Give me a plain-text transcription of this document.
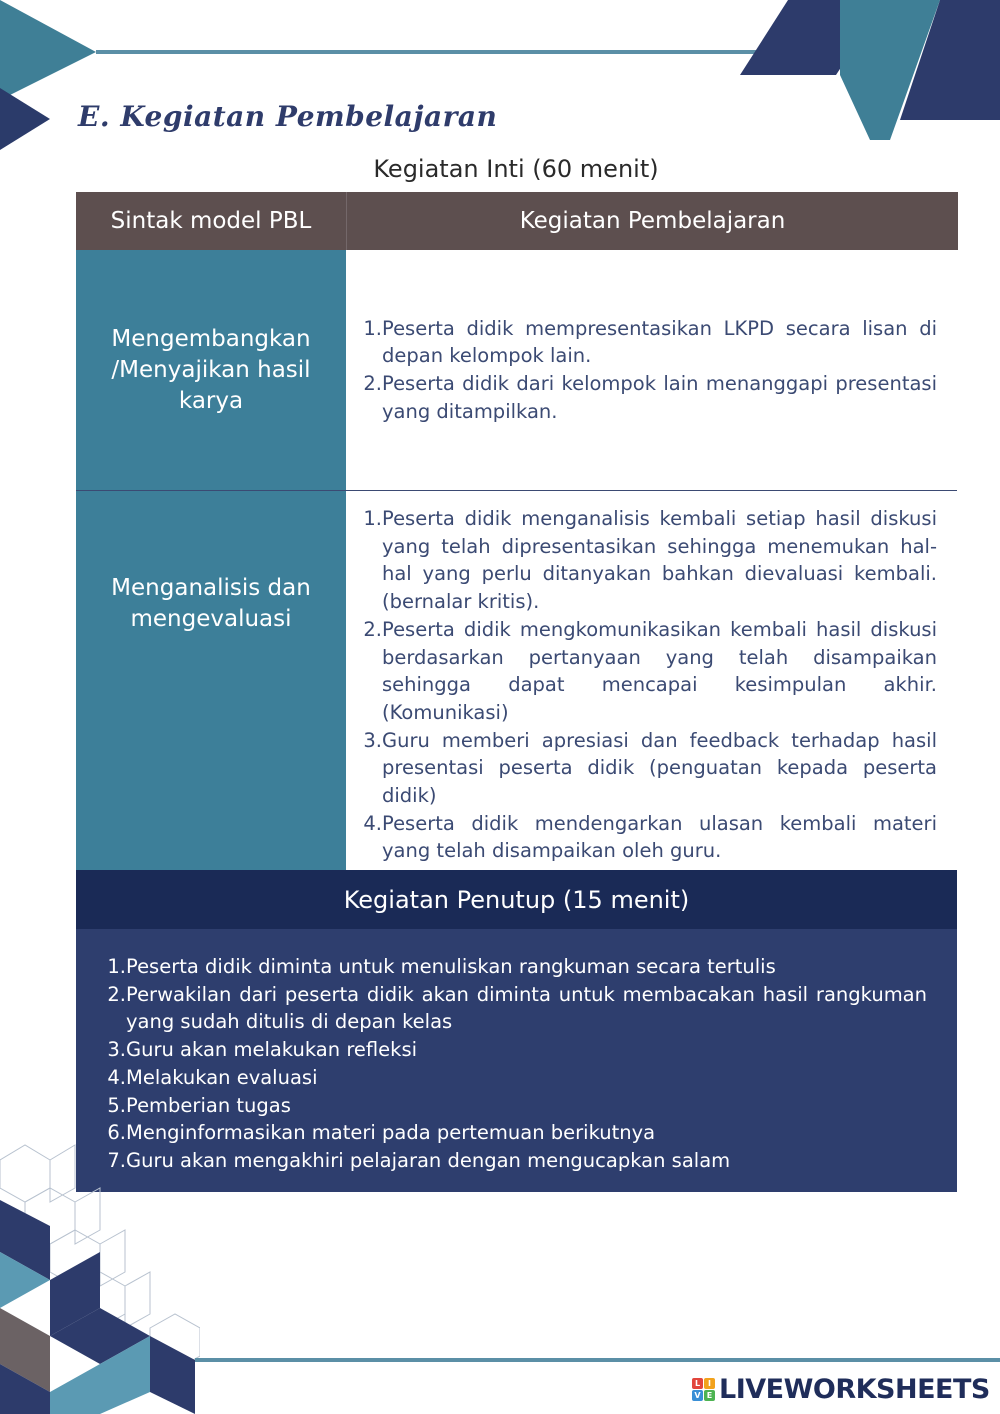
E. Kegiatan Pembelajaran
Kegiatan Inti (60 menit)
Sintak model PBL	Kegiatan Pembelajaran
Mengembangkan /Menyajikan hasil karya
1. Peserta didik mempresentasikan LKPD secara lisan di depan kelompok lain.
2. Peserta didik dari kelompok lain menanggapi presentasi yang ditampilkan.
Menganalisis dan mengevaluasi
1. Peserta didik menganalisis kembali setiap hasil diskusi yang telah dipresentasikan sehingga menemukan hal-hal yang perlu ditanyakan bahkan dievaluasi kembali. (bernalar kritis).
2. Peserta didik mengkomunikasikan kembali hasil diskusi berdasarkan pertanyaan yang telah disampaikan sehingga dapat mencapai kesimpulan akhir. (Komunikasi)
3. Guru memberi apresiasi dan feedback terhadap hasil presentasi peserta didik (penguatan kepada peserta didik)
4. Peserta didik mendengarkan ulasan kembali materi yang telah disampaikan oleh guru.
Kegiatan Penutup (15 menit)
1. Peserta didik diminta untuk menuliskan rangkuman secara tertulis
2. Perwakilan dari peserta didik akan diminta untuk membacakan hasil rangkuman yang sudah ditulis di depan kelas
3. Guru akan melakukan refleksi
4. Melakukan evaluasi
5. Pemberian tugas
6. Menginformasikan materi pada pertemuan berikutnya
7. Guru akan mengakhiri pelajaran dengan mengucapkan salam
L I
V E LIVEWORKSHEETS
